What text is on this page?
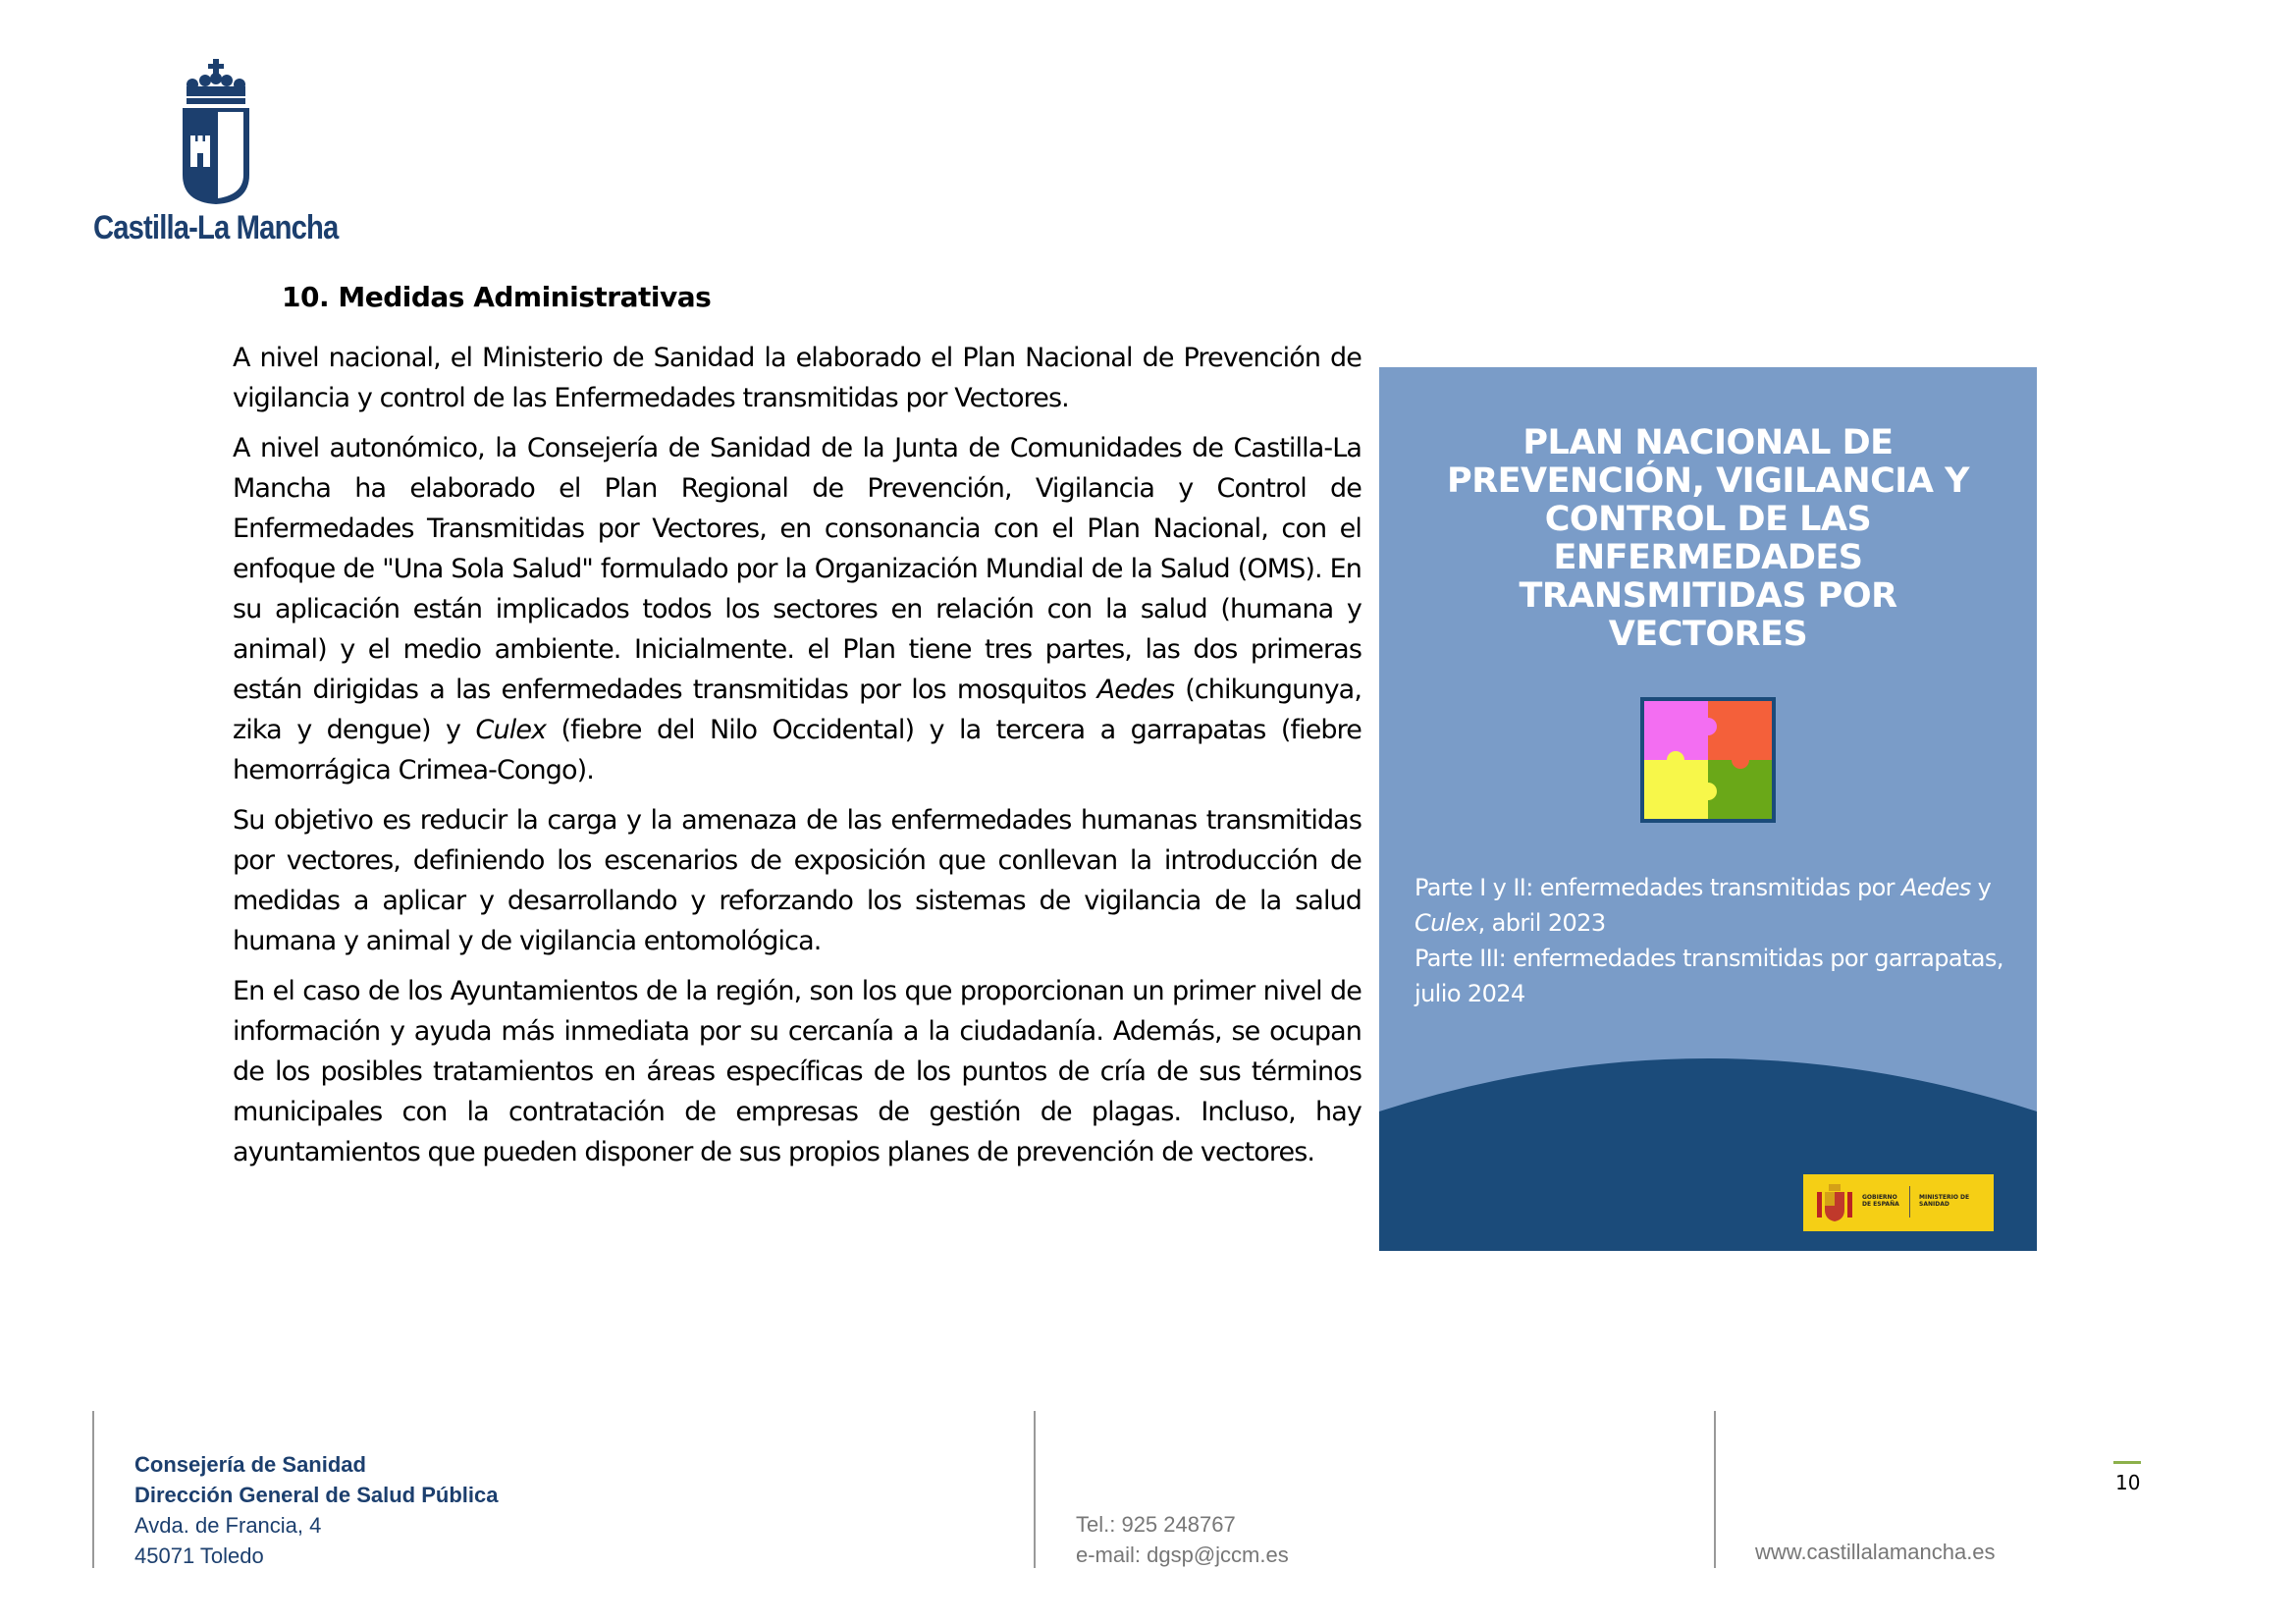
Castilla-La Mancha
10. Medidas Administrativas

A nivel nacional, el Ministerio de Sanidad la elaborado el Plan Nacional de Prevención de vigilancia y control de las Enfermedades transmitidas por Vectores.

A nivel autonómico, la Consejería de Sanidad de la Junta de Comunidades de Castilla-La Mancha ha elaborado el Plan Regional de Prevención, Vigilancia y Control de Enfermedades Transmitidas por Vectores, en consonancia con el Plan Nacional, con el enfoque de "Una Sola Salud" formulado por la Organización Mundial de la Salud (OMS). En su aplicación están implicados todos los sectores en relación con la salud (humana y animal) y el medio ambiente. Inicialmente. el Plan tiene tres partes, las dos primeras están dirigidas a las enfermedades transmitidas por los mosquitos Aedes (chikungunya, zika y dengue) y Culex (fiebre del Nilo Occidental) y la tercera a garrapatas (fiebre hemorrágica Crimea-Congo).

Su objetivo es reducir la carga y la amenaza de las enfermedades humanas transmitidas por vectores, definiendo los escenarios de exposición que conllevan la introducción de medidas a aplicar y desarrollando y reforzando los sistemas de vigilancia de la salud humana y animal y de vigilancia entomológica.

En el caso de los Ayuntamientos de la región, son los que proporcionan un primer nivel de información y ayuda más inmediata por su cercanía a la ciudadanía. Además, se ocupan de los posibles tratamientos en áreas específicas de los puntos de cría de sus términos municipales con la contratación de empresas de gestión de plagas. Incluso, hay ayuntamientos que pueden disponer de sus propios planes de prevención de vectores.

PLAN NACIONAL DE
PREVENCIÓN, VIGILANCIA Y
CONTROL DE LAS
ENFERMEDADES
TRANSMITIDAS POR
VECTORES
Parte I y II: enfermedades transmitidas por Aedes y Culex, abril 2023
Parte III: enfermedades transmitidas por garrapatas, julio 2024
GOBIERNO DE ESPAÑA
MINISTERIO DE SANIDAD
Consejería de Sanidad
Dirección General de Salud Pública
Avda. de Francia, 4
45071 Toledo
Tel.: 925 248767
e-mail: dgsp@jccm.es	www.castillalamancha.es
10
